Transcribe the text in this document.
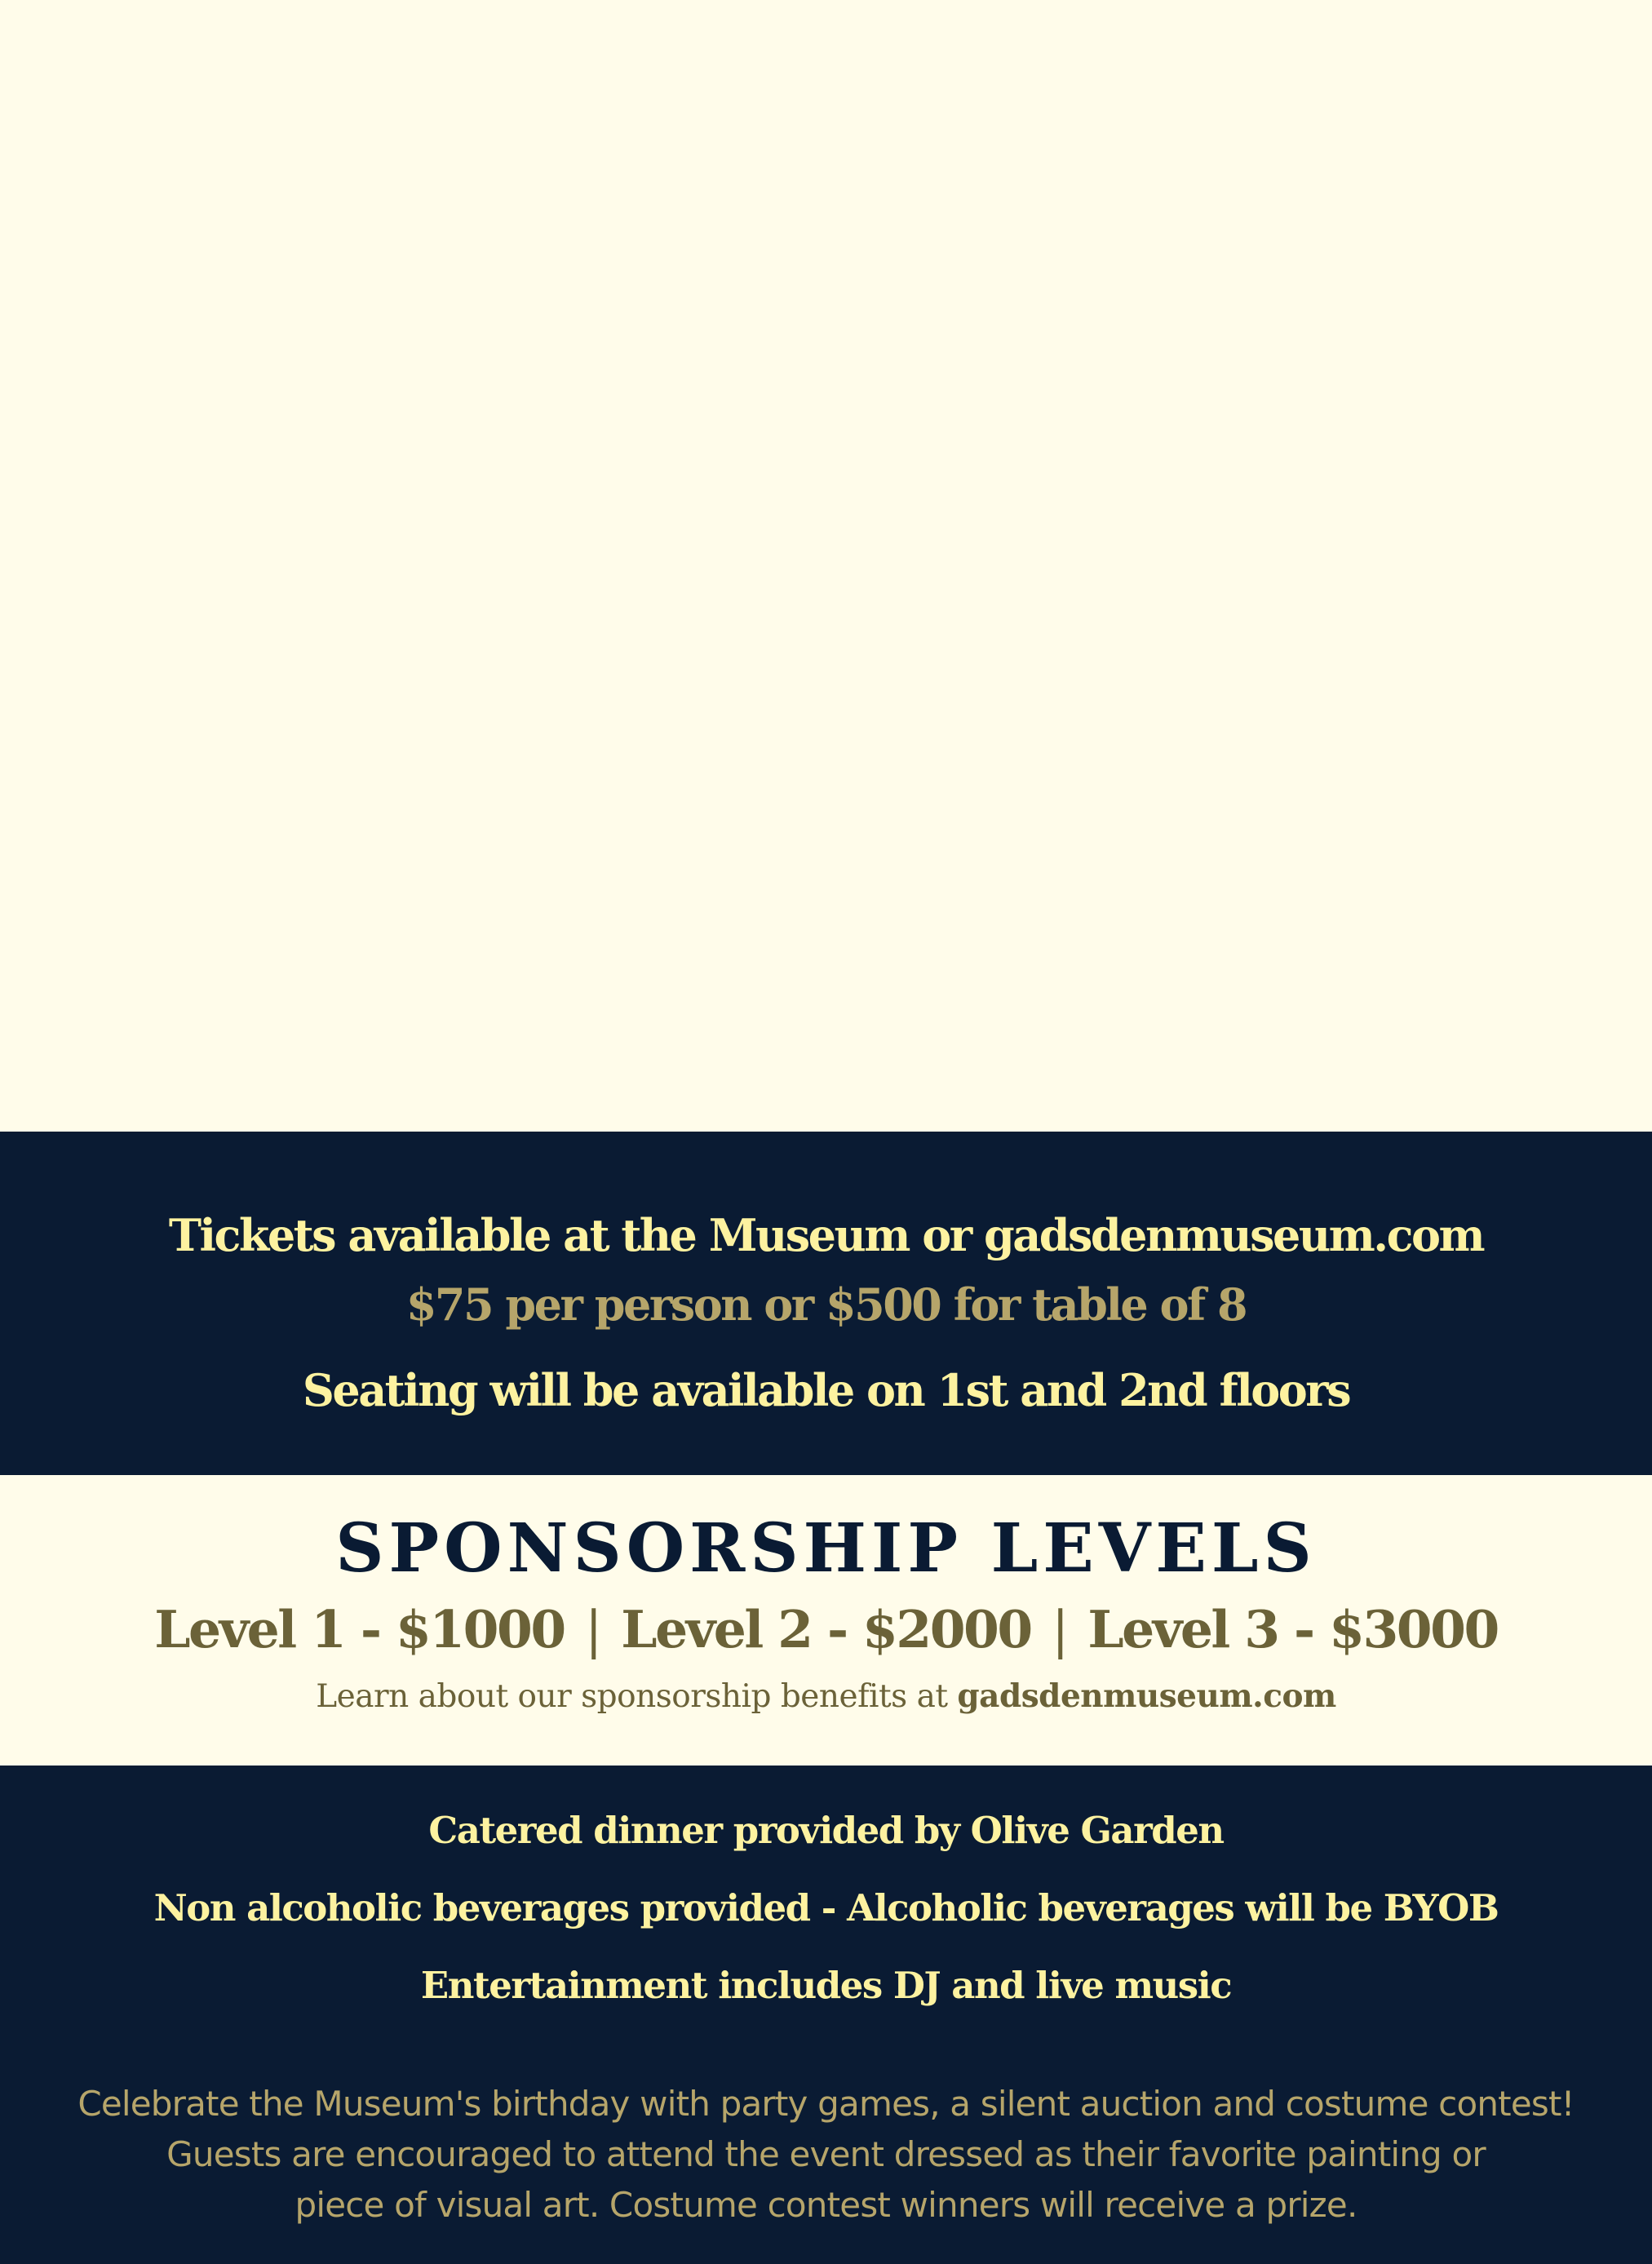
Tickets available at the Museum or gadsdenmuseum.com

$75 per person or $500 for table of 8

Seating will be available on 1st and 2nd floors

SPONSORSHIP LEVELS

Level 1 - $1000 | Level 2 - $2000 | Level 3 - $3000

Learn about our sponsorship benefits at gadsdenmuseum.com

Catered dinner provided by Olive Garden

Non alcoholic beverages provided - Alcoholic beverages will be BYOB

Entertainment includes DJ and live music

Celebrate the Museum's birthday with party games, a silent auction and costume contest!

Guests are encouraged to attend the event dressed as their favorite painting or

piece of visual art. Costume contest winners will receive a prize.
